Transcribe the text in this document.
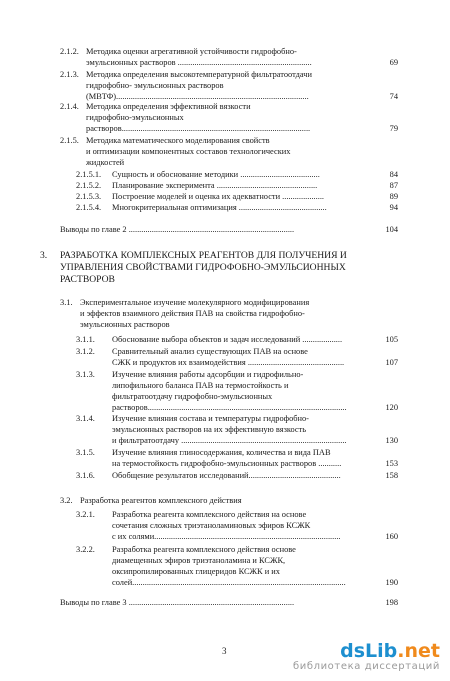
2.1.2. Методика оценки агрегативной устойчивости гидрофобно-
эмульсионных растворов ................................................................	69
2.1.3. Методика определения высокотемпературной фильтратоотдачи
гидрофобно- эмульсионных растворов
(МВТФ)............................................................................................	74
2.1.4. Методика определения эффективной вязкости
гидрофобно-эмульсионных
растворов..........................................................................................	79
2.1.5. Методика математического моделирования свойств
и оптимизации компонентных составов технологических
жидкостей
2.1.5.1. Сущность и обоснование методики ......................................	84
2.1.5.2. Планирование эксперимента ................................................	87
2.1.5.3. Построение моделей и оценка их адекватности ....................	89
2.1.5.4. Многокритериальная оптимизация ..........................................	94
Выводы по главе 2 ...............................................................................	104
3. РАЗРАБОТКА КОМПЛЕКСНЫХ РЕАГЕНТОВ ДЛЯ ПОЛУЧЕНИЯ И
УПРАВЛЕНИЯ СВОЙСТВАМИ ГИДРОФОБНО-ЭМУЛЬСИОННЫХ
РАСТВОРОВ
3.1. Экспериментальное изучение молекулярного модифицирования
и эффектов взаимного действия ПАВ на свойства гидрофобно-
эмульсионных растворов
3.1.1. Обоснование выбора объектов и задач исследований ...................	105
3.1.2. Сравнительный анализ существующих ПАВ на основе
СЖК и продуктов их взаимодействия ..............................................	107
3.1.3. Изучение влияния работы адсорбции и гидрофильно-
липофильного баланса ПАВ на термостойкость и
фильтратоотдачу гидрофобно-эмульсионных
растворов...............................................................................................	120
3.1.4. Изучение влияния состава и температуры гидрофобно-
эмульсионных растворов на их эффективную вязкость
и фильтратоотдачу ...............................................................................	130
3.1.5. Изучение влияния глиносодержания, количества и вида ПАВ
на термостойкость гидрофобно-эмульсионных растворов ...........	153
3.1.6. Обобщение результатов исследований............................................	158
3.2. Разработка реагентов комплексного действия
3.2.1. Разработка реагента комплексного действия на основе
сочетания сложных триэтаноламиновых эфиров КСЖК
с их солями.........................................................................................	160
3.2.2. Разработка реагента комплексного действия основе
диамещенных эфиров триэтаноламина и КСЖК,
оксипропилированных глицеридов КСЖК и их
солей......................................................................................................	190
Выводы по главе 3 ...............................................................................	198
3	dsLib.net
библиотека диссертаций
